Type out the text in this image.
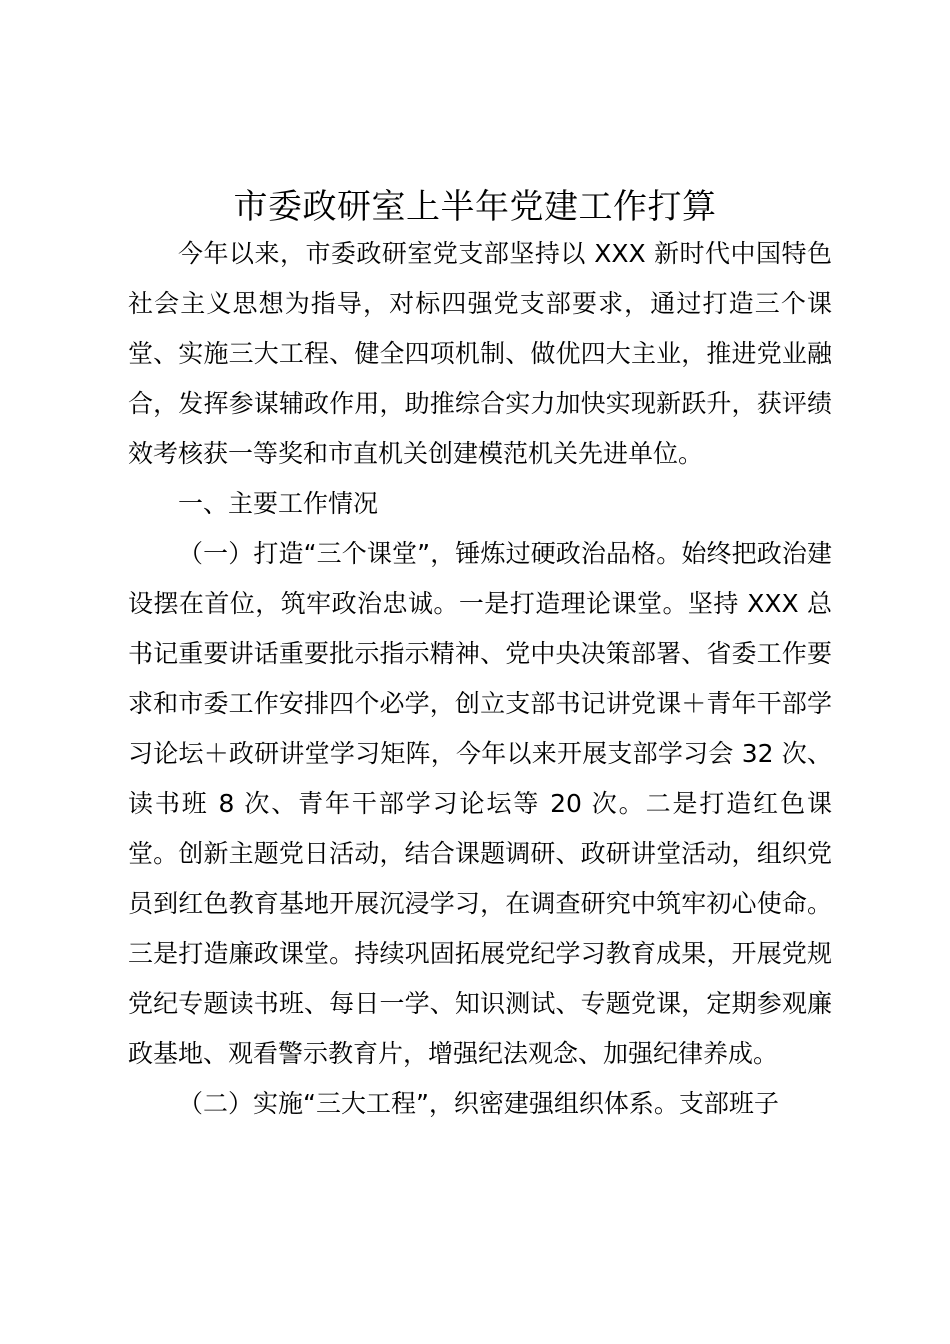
市委政研室上半年党建工作打算

今年以来，市委政研室党支部坚持以 XXX 新时代中国特色社会主义思想为指导，对标四强党支部要求，通过打造三个课堂、实施三大工程、健全四项机制、做优四大主业，推进党业融合，发挥参谋辅政作用，助推综合实力加快实现新跃升，获评绩效考核获一等奖和市直机关创建模范机关先进单位。

一、主要工作情况

（一）打造“三个课堂”，锤炼过硬政治品格。始终把政治建设摆在首位，筑牢政治忠诚。一是打造理论课堂。坚持 XXX 总书记重要讲话重要批示指示精神、党中央决策部署、省委工作要求和市委工作安排四个必学，创立支部书记讲党课＋青年干部学习论坛＋政研讲堂学习矩阵，今年以来开展支部学习会 32 次、读书班 8 次、青年干部学习论坛等 20 次。二是打造红色课堂。创新主题党日活动，结合课题调研、政研讲堂活动，组织党员到红色教育基地开展沉浸学习，在调查研究中筑牢初心使命。三是打造廉政课堂。持续巩固拓展党纪学习教育成果，开展党规党纪专题读书班、每日一学、知识测试、专题党课，定期参观廉政基地、观看警示教育片，增强纪法观念、加强纪律养成。

（二）实施“三大工程”，织密建强组织体系。支部班子
